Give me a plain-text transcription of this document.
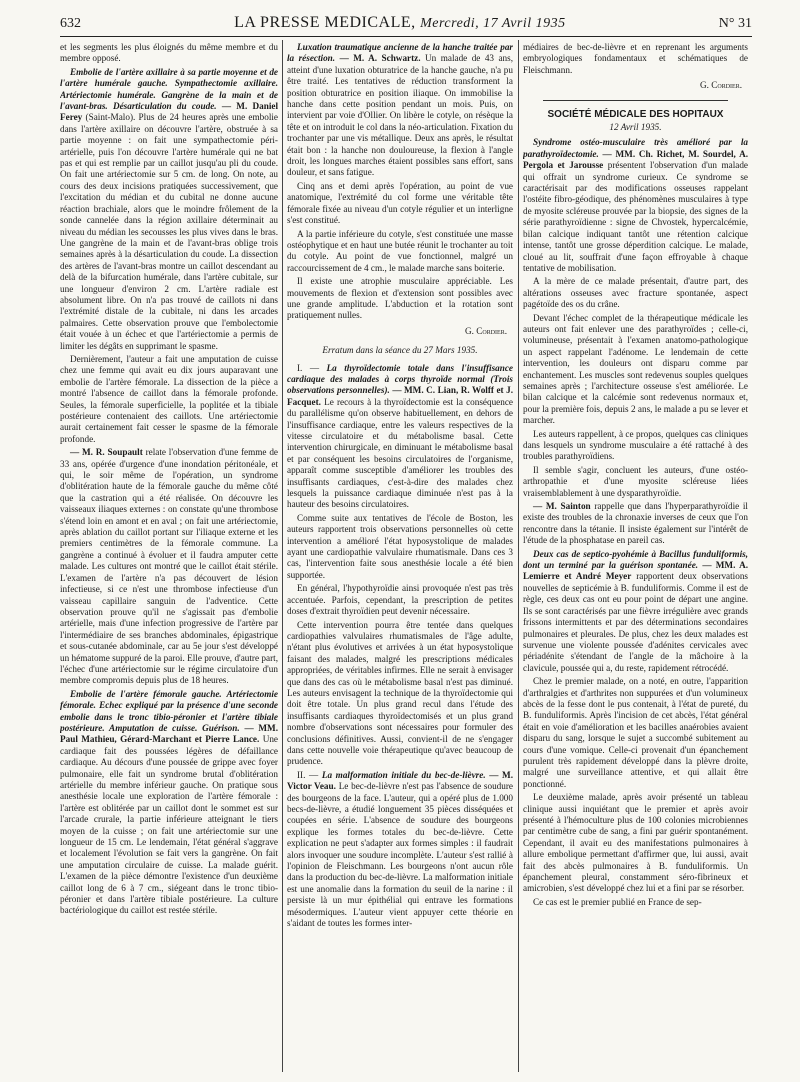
632	LA PRESSE MEDICALE, Mercredi, 17 Avril 1935	N° 31

et les segments les plus éloignés du même membre et du membre opposé.

Embolie de l'artère axillaire à sa partie moyenne et de l'artère humérale gauche. Sympathectomie axillaire. Artériectomie humérale. Gangrène de la main et de l'avant-bras. Désarticulation du coude. — M. Daniel Ferey (Saint-Malo). Plus de 24 heures après une embolie dans l'artère axillaire on découvre l'artère, obstruée à sa partie moyenne : on fait une sympathectomie péri-artérielle, puis l'on découvre l'artère humérale qui ne bat pas et qui est remplie par un caillot jusqu'au pli du coude. On fait une artériectomie sur 5 cm. de long. On note, au cours des deux incisions pratiquées successivement, que l'excitation du médian et du cubital ne donne aucune réaction brachiale, alors que le moindre frôlement de la sonde cannelée dans la région axillaire déterminait au niveau du médian les secousses les plus vives dans le bras. Une gangrène de la main et de l'avant-bras oblige trois semaines après à la désarticulation du coude. La dissection des artères de l'avant-bras montre un caillot descendant au delà de la bifurcation humérale, dans l'artère cubitale, sur une longueur d'environ 2 cm. L'artère radiale est absolument libre. On n'a pas trouvé de caillots ni dans l'extrémité distale de la cubitale, ni dans les arcades palmaires. Cette observation prouve que l'embolectomie était vouée à un échec et que l'artériectomie a permis de limiter les dégâts en supprimant le spasme.

Dernièrement, l'auteur a fait une amputation de cuisse chez une femme qui avait eu dix jours auparavant une embolie de l'artère fémorale. La dissection de la pièce a montré l'absence de caillot dans la fémorale profonde. Seules, la fémorale superficielle, la poplitée et la tibiale postérieure contenaient des caillots. Une artériectomie aurait certainement fait cesser le spasme de la fémorale profonde.

— M. R. Soupault relate l'observation d'une femme de 33 ans, opérée d'urgence d'une inondation péritonéale, et qui, le soir même de l'opération, un syndrome d'oblitération haute de la fémorale gauche du même côté que la castration qui a été réalisée. On découvre les vaisseaux iliaques externes : on constate qu'une thrombose s'étend loin en amont et en aval ; on fait une artériectomie, après ablation du caillot portant sur l'iliaque externe et les premiers centimètres de la fémorale commune. La gangrène a continué à évoluer et il faudra amputer cette malade. Les cultures ont montré que le caillot était stérile. L'examen de l'artère n'a pas découvert de lésion infectieuse, si ce n'est une thrombose infectieuse d'un vaisseau capillaire sanguin de l'adventice. Cette observation prouve qu'il ne s'agissait pas d'embolie artérielle, mais d'une infection progressive de l'artère par l'intermédiaire de ses branches abdominales, épigastrique et sous-cutanée abdominale, car au 5e jour s'est développé un hématome suppuré de la paroi. Elle prouve, d'autre part, l'échec d'une artériectomie sur le régime circulatoire d'un membre compromis depuis plus de 18 heures.

Embolie de l'artère fémorale gauche. Artériectomie fémorale. Echec expliqué par la présence d'une seconde embolie dans le tronc tibio-péronier et l'artère tibiale postérieure. Amputation de cuisse. Guérison. — MM. Paul Mathieu, Gérard-Marchant et Pierre Lance. Une cardiaque fait des poussées légères de défaillance cardiaque. Au décours d'une poussée de grippe avec foyer pulmonaire, elle fait un syndrome brutal d'oblitération artérielle du membre inférieur gauche. On pratique sous anesthésie locale une exploration de l'artère fémorale : l'artère est oblitérée par un caillot dont le sommet est sur l'arcade crurale, la partie inférieure atteignant le tiers moyen de la cuisse ; on fait une artériectomie sur une longueur de 15 cm. Le lendemain, l'état général s'aggrave et localement l'évolution se fait vers la gangrène. On fait une amputation circulaire de cuisse. La malade guérit. L'examen de la pièce démontre l'existence d'un deuxième caillot long de 6 à 7 cm., siégeant dans le tronc tibio-péronier et dans l'artère tibiale postérieure. La culture bactériologique du caillot est restée stérile.

Luxation traumatique ancienne de la hanche traitée par la résection. — M. A. Schwartz. Un malade de 43 ans, atteint d'une luxation obturatrice de la hanche gauche, n'a pu être traité. Les tentatives de réduction transforment la position obturatrice en position iliaque. On immobilise la hanche dans cette position pendant un mois. Puis, on intervient par voie d'Ollier. On libère le cotyle, on résèque la tête et on introduit le col dans la néo-articulation. Fixation du trochanter par une vis métallique. Deux ans après, le résultat était bon : la hanche non douloureuse, la flexion à l'angle droit, les longues marches étaient possibles sans effort, sans douleur, et sans fatigue.

Cinq ans et demi après l'opération, au point de vue anatomique, l'extrémité du col forme une véritable tête fémorale fixée au niveau d'un cotyle régulier et un interligne s'est constitué.

A la partie inférieure du cotyle, s'est constituée une masse ostéophytique et en haut une butée réunit le trochanter au toit du cotyle. Au point de vue fonctionnel, malgré un raccourcissement de 4 cm., le malade marche sans boiterie.

Il existe une atrophie musculaire appréciable. Les mouvements de flexion et d'extension sont possibles avec une grande amplitude. L'abduction et la rotation sont pratiquement nulles.

G. Cordier.
Erratum dans la séance du 27 Mars 1935.

I. — La thyroïdectomie totale dans l'insuffisance cardiaque des malades à corps thyroïde normal (Trois observations personnelles). — MM. C. Lian, R. Wolff et J. Facquet. Le recours à la thyroïdectomie est la conséquence du parallélisme qu'on observe habituellement, en dehors de l'insuffisance cardiaque, entre les valeurs respectives de la vitesse circulatoire et du métabolisme basal. Cette intervention chirurgicale, en diminuant le métabolisme basal et par conséquent les besoins circulatoires de l'organisme, apparaît comme susceptible d'améliorer les troubles des insuffisants cardiaques, c'est-à-dire des malades chez lesquels la puissance cardiaque diminuée n'est pas à la hauteur des besoins circulatoires.

Comme suite aux tentatives de l'école de Boston, les auteurs rapportent trois observations personnelles où cette intervention a amélioré l'état hyposystolique de malades ayant une cardiopathie valvulaire rhumatismale. Dans ces 3 cas, l'intervention faite sous anesthésie locale a été bien supportée.

En général, l'hypothyroïdie ainsi provoquée n'est pas très accentuée. Parfois, cependant, la prescription de petites doses d'extrait thyroïdien peut devenir nécessaire.

Cette intervention pourra être tentée dans quelques cardiopathies valvulaires rhumatismales de l'âge adulte, n'étant plus évolutives et arrivées à un état hyposystolique faisant des malades, malgré les prescriptions médicales appropriées, de véritables infirmes. Elle ne serait à envisager que dans des cas où le métabolisme basal n'est pas diminué. Les auteurs envisagent la technique de la thyroïdectomie qui doit être totale. Un plus grand recul dans l'étude des insuffisants cardiaques thyroïdectomisés et un plus grand nombre d'observations sont nécessaires pour formuler des conclusions définitives. Aussi, convient-il de ne s'engager dans cette nouvelle voie thérapeutique qu'avec beaucoup de prudence.

II. — La malformation initiale du bec-de-lièvre. — M. Victor Veau. Le bec-de-lièvre n'est pas l'absence de soudure des bourgeons de la face. L'auteur, qui a opéré plus de 1.000 becs-de-lièvre, a étudié longuement 35 pièces disséquées et coupées en série. L'absence de soudure des bourgeons explique les formes totales du bec-de-lièvre. Cette explication ne peut s'adapter aux formes simples : il faudrait alors invoquer une soudure incomplète. L'auteur s'est rallié à l'opinion de Fleischmann. Les bourgeons n'ont aucun rôle dans la production du bec-de-lièvre. La malformation initiale est une anomalie dans la formation du seuil de la narine : il persiste là un mur épithélial qui entrave les formations mésodermiques. L'auteur vient appuyer cette théorie en s'aidant de toutes les formes inter-

médiaires de bec-de-lièvre et en reprenant les arguments embryologiques fondamentaux et schématiques de Fleischmann.

G. Cordier.
SOCIÉTÉ MÉDICALE DES HOPITAUX
12 Avril 1935.

Syndrome ostéo-musculaire très amélioré par la parathyroïdectomie. — MM. Ch. Richet, M. Sourdel, A. Pergola et Jarousse présentent l'observation d'un malade qui offrait un syndrome curieux. Ce syndrome se caractérisait par des modifications osseuses rappelant l'ostéite fibro-géodique, des phénomènes musculaires à type de myosite scléreuse prouvée par la biopsie, des signes de la série parathyroïdienne : signe de Chvostek, hypercalcémie, bilan calcique indiquant tantôt une rétention calcique intense, tantôt une grosse déperdition calcique. Le malade, cloué au lit, souffrait d'une façon effroyable à chaque tentative de mobilisation.

A la mère de ce malade présentait, d'autre part, des altérations osseuses avec fracture spontanée, aspect pagétoïde des os du crâne.

Devant l'échec complet de la thérapeutique médicale les auteurs ont fait enlever une des parathyroïdes ; celle-ci, volumineuse, présentait à l'examen anatomo-pathologique un aspect rappelant l'adénome. Le lendemain de cette intervention, les douleurs ont disparu comme par enchantement. Les muscles sont redevenus souples quelques semaines après ; l'architecture osseuse s'est améliorée. Le bilan calcique et la calcémie sont redevenus normaux et, pour la première fois, depuis 2 ans, le malade a pu se lever et marcher.

Les auteurs rappellent, à ce propos, quelques cas cliniques dans lesquels un syndrome musculaire a été rattaché à des troubles parathyroïdiens.

Il semble s'agir, concluent les auteurs, d'une ostéo-arthropathie et d'une myosite scléreuse liées vraisemblablement à une dysparathyroïdie.

— M. Sainton rappelle que dans l'hyperparathyroïdie il existe des troubles de la chronaxie inverses de ceux que l'on rencontre dans la tétanie. Il insiste également sur l'intérêt de l'étude de la phosphatase en pareil cas.

Deux cas de septico-pyohémie à Bacillus funduliformis, dont un terminé par la guérison spontanée. — MM. A. Lemierre et André Meyer rapportent deux observations nouvelles de septicémie à B. funduliformis. Comme il est de règle, ces deux cas ont eu pour point de départ une angine. Ils se sont caractérisés par une fièvre irrégulière avec grands frissons intermittents et par des déterminations secondaires pulmonaires et pleurales. De plus, chez les deux malades est survenue une violente poussée d'adénites cervicales avec périadénite s'étendant de l'angle de la mâchoire à la clavicule, poussée qui a, du reste, rapidement rétrocédé.

Chez le premier malade, on a noté, en outre, l'apparition d'arthralgies et d'arthrites non suppurées et d'un volumineux abcès de la fesse dont le pus contenait, à l'état de pureté, du B. funduliformis. Après l'incision de cet abcès, l'état général était en voie d'amélioration et les bacilles anaérobies avaient disparu du sang, lorsque le sujet a succombé subitement au cours d'une vomique. Celle-ci provenait d'un épanchement purulent très rapidement développé dans la plèvre droite, malgré une surveillance attentive, et qui allait être ponctionné.

Le deuxième malade, après avoir présenté un tableau clinique aussi inquiétant que le premier et après avoir présenté à l'hémoculture plus de 100 colonies microbiennes par centimètre cube de sang, a fini par guérir spontanément. Cependant, il avait eu des manifestations pulmonaires à allure embolique permettant d'affirmer que, lui aussi, avait fait des abcès pulmonaires à B. funduliformis. Un épanchement pleural, constamment séro-fibrineux et amicrobien, s'est développé chez lui et a fini par se résorber.

Ce cas est le premier publié en France de sep-
